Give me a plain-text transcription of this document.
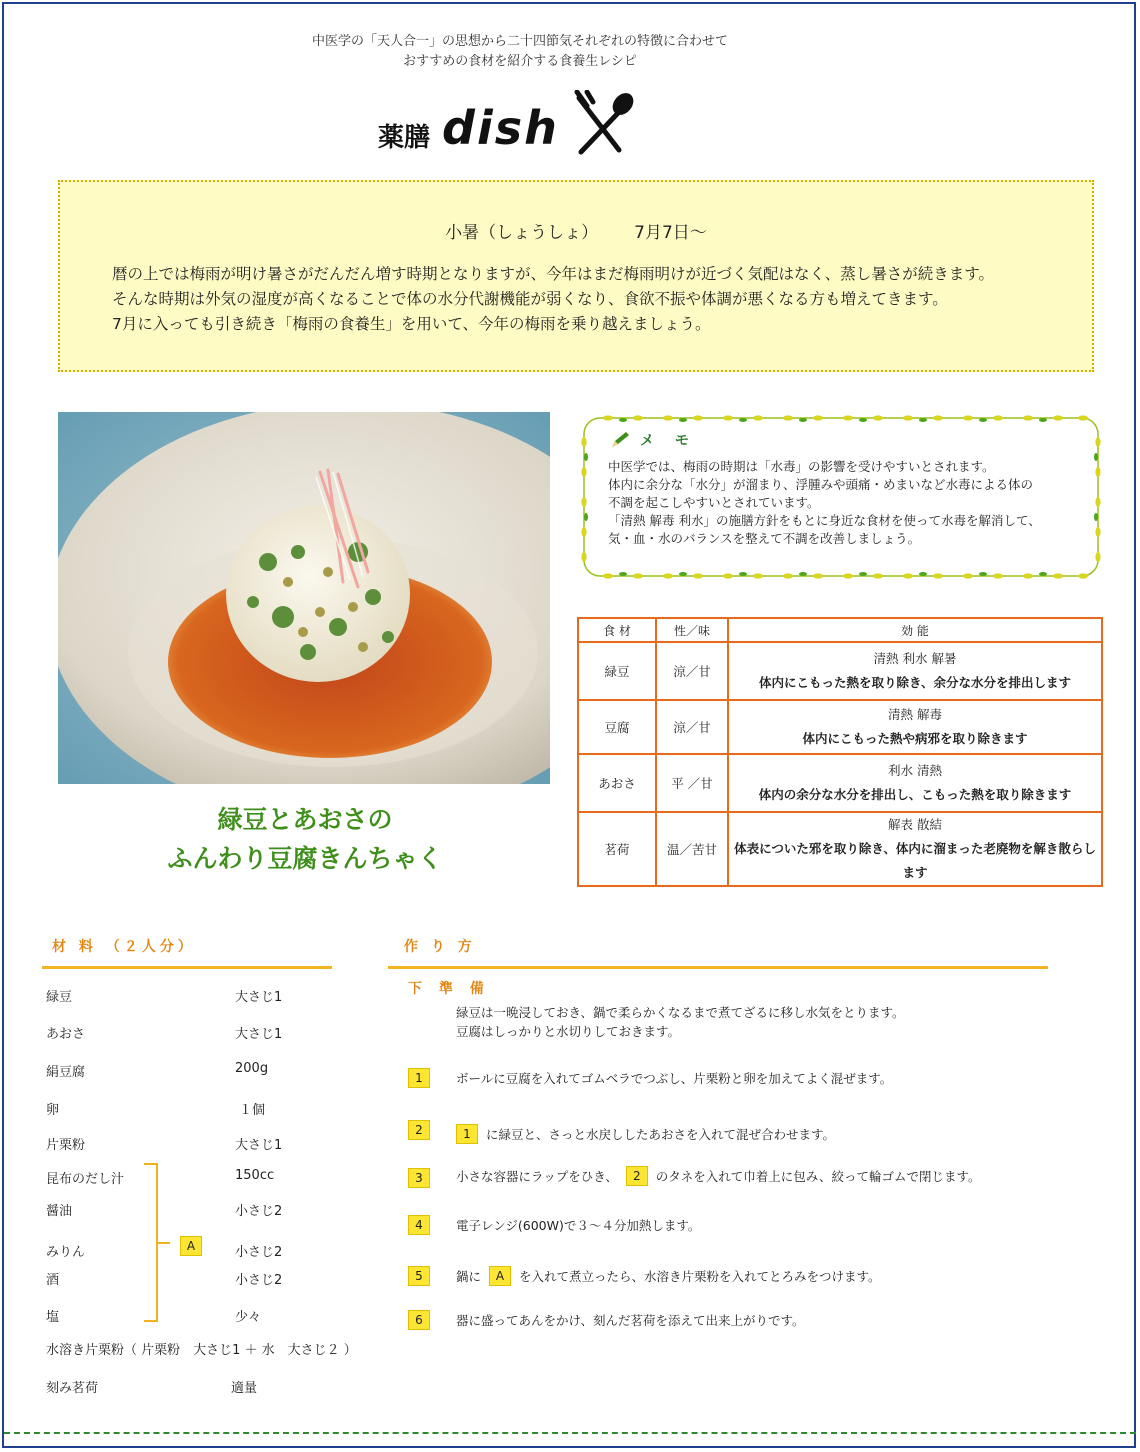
中医学の「天人合一」の思想から二十四節気それぞれの特徴に合わせて
おすすめの食材を紹介する食養生レシピ
薬膳 dish
小暑（しょうしょ） 7月7日〜

暦の上では梅雨が明け暑さがだんだん増す時期となりますが、今年はまだ梅雨明けが近づく気配はなく、蒸し暑さが続きます。

そんな時期は外気の湿度が高くなることで体の水分代謝機能が弱くなり、食欲不振や体調が悪くなる方も増えてきます。

7月に入っても引き続き「梅雨の食養生」を用いて、今年の梅雨を乗り越えましょう。

緑豆とあおさの
ふんわり豆腐きんちゃく
メ モ

中医学では、梅雨の時期は「水毒」の影響を受けやすいとされます。

体内に余分な「水分」が溜まり、浮腫みや頭痛・めまいなど水毒による体の

不調を起こしやすいとされています。

「清熱 解毒 利水」の施膳方針をもとに身近な食材を使って水毒を解消して、

気・血・水のバランスを整えて不調を改善しましょう。

食 材	性／味	効 能
緑豆	涼／甘	清熱 利水 解暑
体内にこもった熱を取り除き、余分な水分を排出します

豆腐	涼／甘	清熱 解毒
体内にこもった熱や病邪を取り除きます

あおさ	平 ／甘	利水 清熱
体内の余分な水分を排出し、こもった熱を取り除きます

茗荷	温／苦甘	解表 散結
体表についた邪を取り除き、体内に溜まった老廃物を解き散らします
材 料 （２人分）
緑豆	大さじ1
あおさ	大さじ1
絹豆腐	200g
卵	１個
片栗粉	大さじ1
昆布のだし汁	150cc
醤油	小さじ2
みりん	小さじ2
酒	小さじ2
塩	少々
水溶き片栗粉（ 片栗粉　大さじ1 ＋ 水　大さじ２ ）
刻み茗荷	適量
A
作 り 方
下 準 備

緑豆は一晩浸しておき、鍋で柔らかくなるまで煮てざるに移し水気をとります。

豆腐はしっかりと水切りしておきます。

1	ボールに豆腐を入れてゴムベラでつぶし、片栗粉と卵を加えてよく混ぜます。
2	1	に緑豆と、さっと水戻ししたあおさを入れて混ぜ合わせます。
3	小さな容器にラップをひき、	2	のタネを入れて巾着上に包み、絞って輪ゴムで閉じます。
4	電子レンジ(600W)で３〜４分加熱します。
5	鍋に	A	を入れて煮立ったら、水溶き片栗粉を入れてとろみをつけます。
6	器に盛ってあんをかけ、刻んだ茗荷を添えて出来上がりです。
